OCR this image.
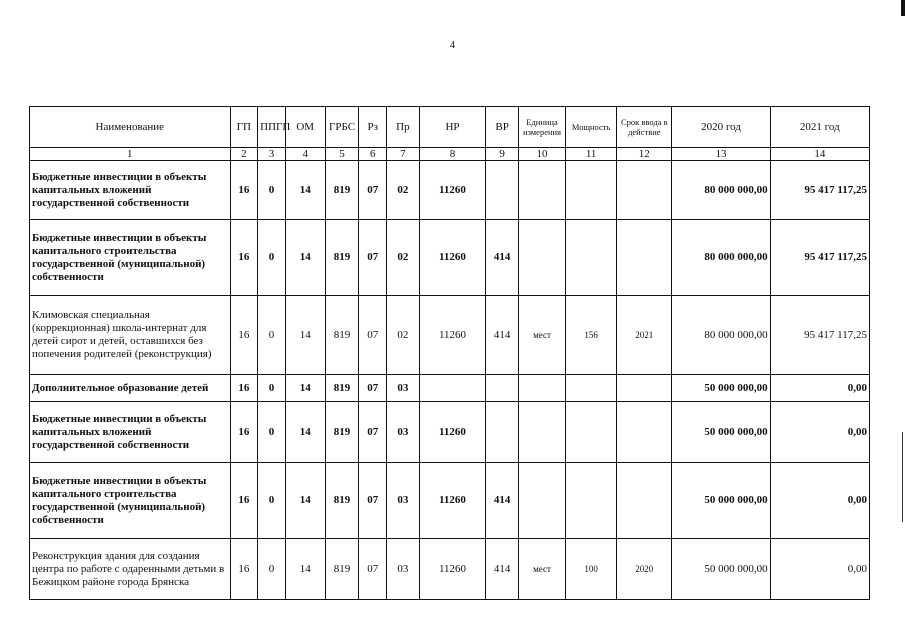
4
Наименование	ГП	ППГП	ОМ	ГРБС	Рз	Пр	НР	ВР	Единица измерения	Мощность	Срок ввода в действие	2020 год	2021 год
1	2	3	4	5	6	7	8	9	10	11	12	13	14
Бюджетные инвестиции в объекты капитальных вложений государственной собственности	16	0	14	819	07	02	11260					80 000 000,00	95 417 117,25
Бюджетные инвестиции в объекты капитального строительства государственной (муниципальной) собственности	16	0	14	819	07	02	11260	414				80 000 000,00	95 417 117,25
Климовская специальная (коррекционная) школа-интернат для детей сирот и детей, оставшихся без попечения родителей (реконструкция)	16	0	14	819	07	02	11260	414	мест	156	2021	80 000 000,00	95 417 117,25
Дополнительное образование детей	16	0	14	819	07	03						50 000 000,00	0,00
Бюджетные инвестиции в объекты капитальных вложений государственной собственности	16	0	14	819	07	03	11260					50 000 000,00	0,00
Бюджетные инвестиции в объекты капитального строительства государственной (муниципальной) собственности	16	0	14	819	07	03	11260	414				50 000 000,00	0,00
Реконструкция здания для создания центра по работе с одаренными детьми в Бежицком районе города Брянска	16	0	14	819	07	03	11260	414	мест	100	2020	50 000 000,00	0,00
